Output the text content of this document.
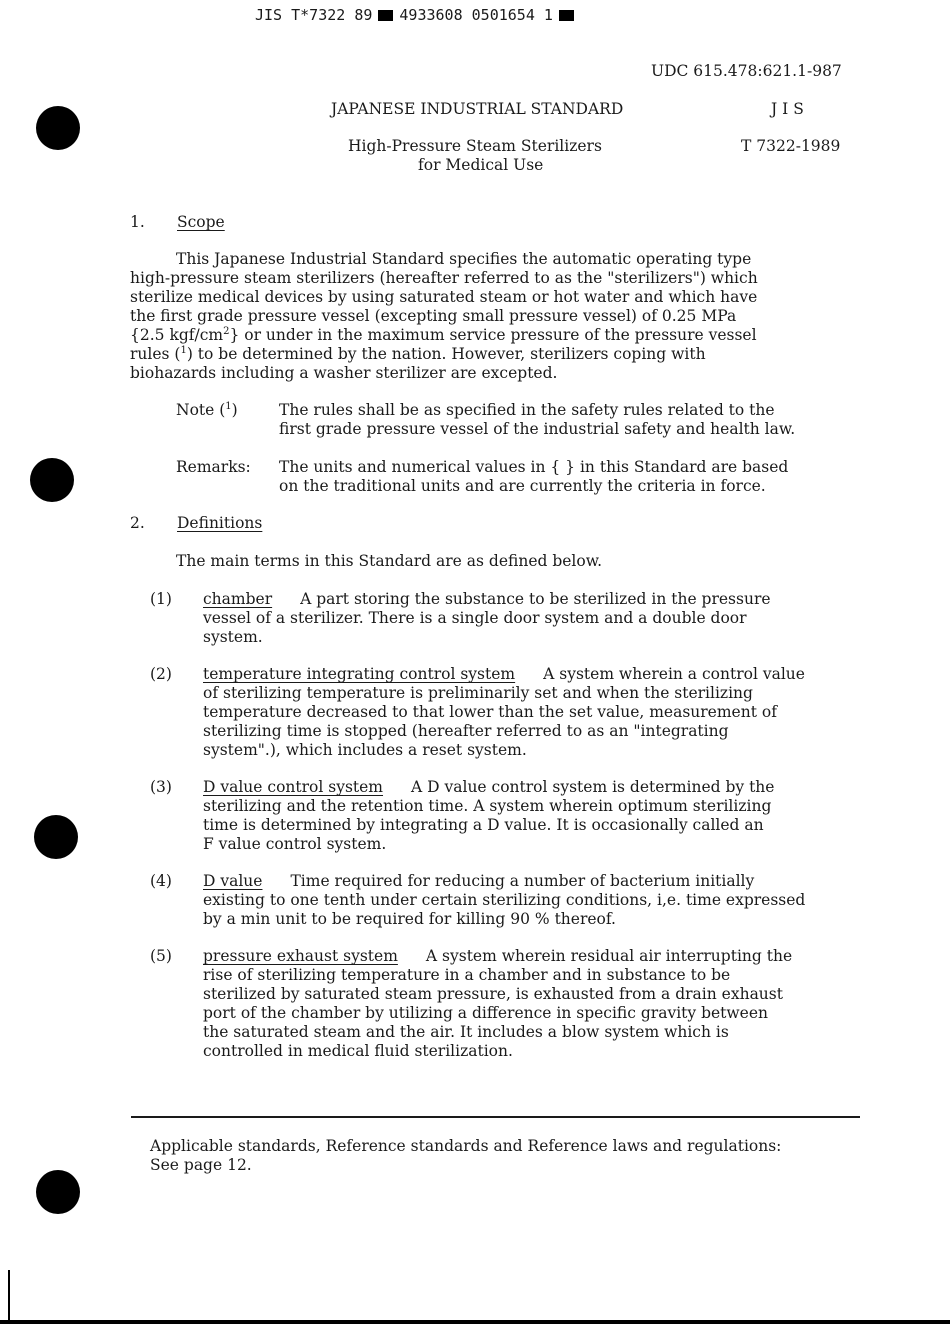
JIS T*7322 89 4933608 0501654 1
UDC 615.478:621.1-987
JAPANESE INDUSTRIAL STANDARD	J I S
High-Pressure Steam Sterilizers	T 7322-1989
for Medical Use
1. Scope
This Japanese Industrial Standard specifies the automatic operating type
high-pressure steam sterilizers (hereafter referred to as the "sterilizers") which
sterilize medical devices by using saturated steam or hot water and which have
the first grade pressure vessel (excepting small pressure vessel) of 0.25 MPa
{2.5 kgf/$cm^2$} or under in the maximum service pressure of the pressure vessel
rules ($^1$) to be determined by the nation. However, sterilizers coping with
biohazards including a washer sterilizer are excepted.
Note ($^1$)	The rules shall be as specified in the safety rules related to the
first grade pressure vessel of the industrial safety and health law.
Remarks: The units and numerical values in { } in this Standard are based
on the traditional units and are currently the criteria in force.
2. Definitions
The main terms in this Standard are as defined below.
(1) chamber A part storing the substance to be sterilized in the pressure
vessel of a sterilizer. There is a single door system and a double door
system.
(2) temperature integrating control system A system wherein a control value
of sterilizing temperature is preliminarily set and when the sterilizing
temperature decreased to that lower than the set value, measurement of
sterilizing time is stopped (hereafter referred to as an "integrating
system".), which includes a reset system.
(3) D value control system A D value control system is determined by the
sterilizing and the retention time. A system wherein optimum sterilizing
time is determined by integrating a D value. It is occasionally called an
F value control system.
(4) D value Time required for reducing a number of bacterium initially
existing to one tenth under certain sterilizing conditions, i,e. time expressed
by a min unit to be required for killing 90 % thereof.
(5) pressure exhaust system A system wherein residual air interrupting the
rise of sterilizing temperature in a chamber and in substance to be
sterilized by saturated steam pressure, is exhausted from a drain exhaust
port of the chamber by utilizing a difference in specific gravity between
the saturated steam and the air. It includes a blow system which is
controlled in medical fluid sterilization.
Applicable standards, Reference standards and Reference laws and regulations:
See page 12.
